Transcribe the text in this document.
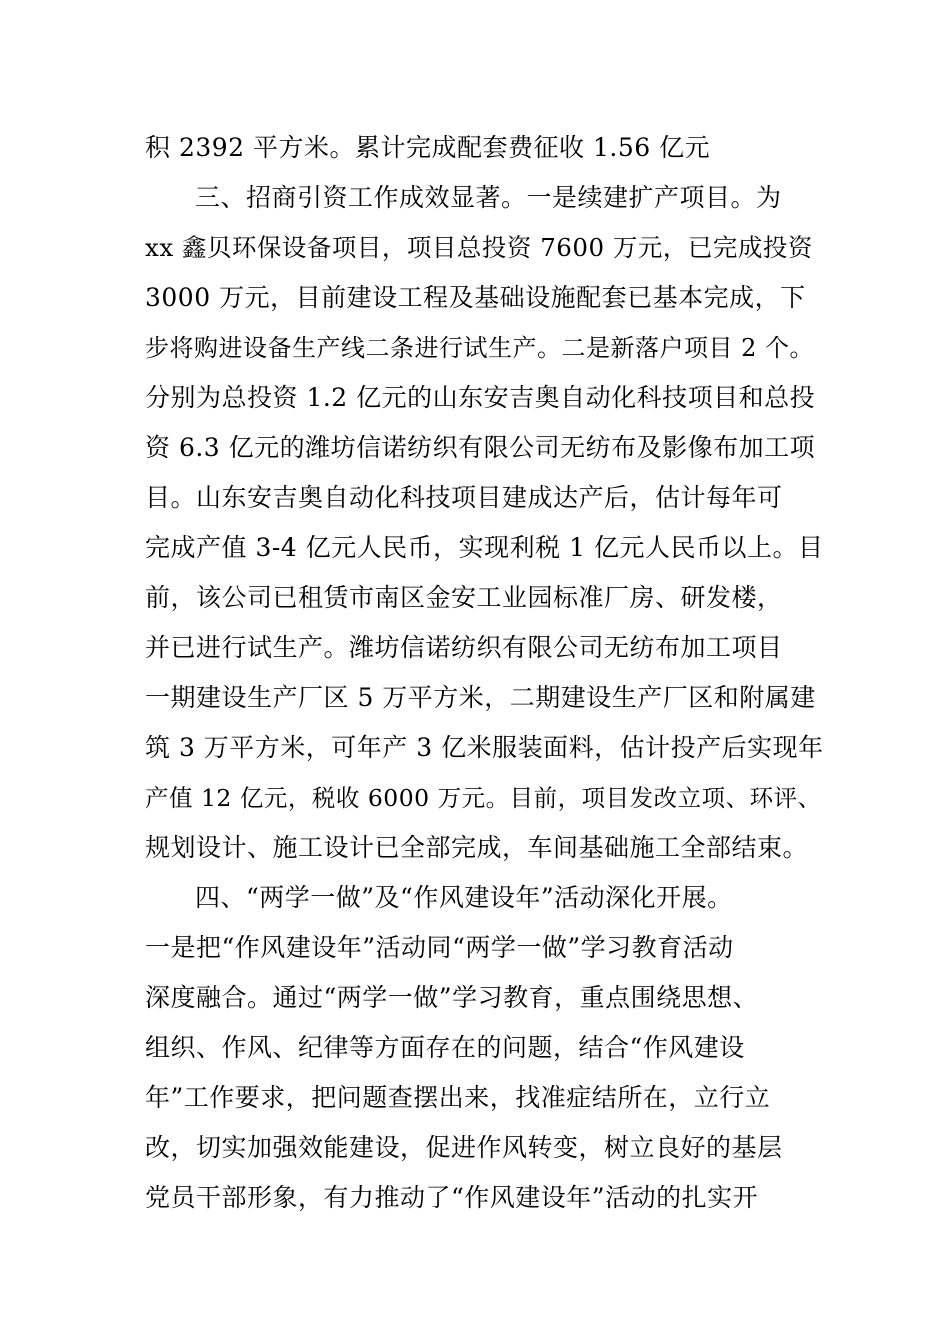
积 2392 平方米。累计完成配套费征收 1.56 亿元
三、招商引资工作成效显著。一是续建扩产项目。为
xx 鑫贝环保设备项目，项目总投资 7600 万元，已完成投资
3000 万元，目前建设工程及基础设施配套已基本完成，下
步将购进设备生产线二条进行试生产。二是新落户项目 2 个。
分别为总投资 1.2 亿元的山东安吉奥自动化科技项目和总投
资 6.3 亿元的潍坊信诺纺织有限公司无纺布及影像布加工项
目。山东安吉奥自动化科技项目建成达产后，估计每年可
完成产值 3-4 亿元人民币，实现利税 1 亿元人民币以上。目
前，该公司已租赁市南区金安工业园标准厂房、研发楼，
并已进行试生产。潍坊信诺纺织有限公司无纺布加工项目
一期建设生产厂区 5 万平方米，二期建设生产厂区和附属建
筑 3 万平方米，可年产 3 亿米服装面料，估计投产后实现年
产值 12 亿元，税收 6000 万元。目前，项目发改立项、环评、
规划设计、施工设计已全部完成，车间基础施工全部结束。
四、“两学一做”及“作风建设年”活动深化开展。
一是把“作风建设年”活动同“两学一做”学习教育活动
深度融合。通过“两学一做”学习教育，重点围绕思想、
组织、作风、纪律等方面存在的问题，结合“作风建设
年”工作要求，把问题查摆出来，找准症结所在，立行立
改，切实加强效能建设，促进作风转变，树立良好的基层
党员干部形象，有力推动了“作风建设年”活动的扎实开
